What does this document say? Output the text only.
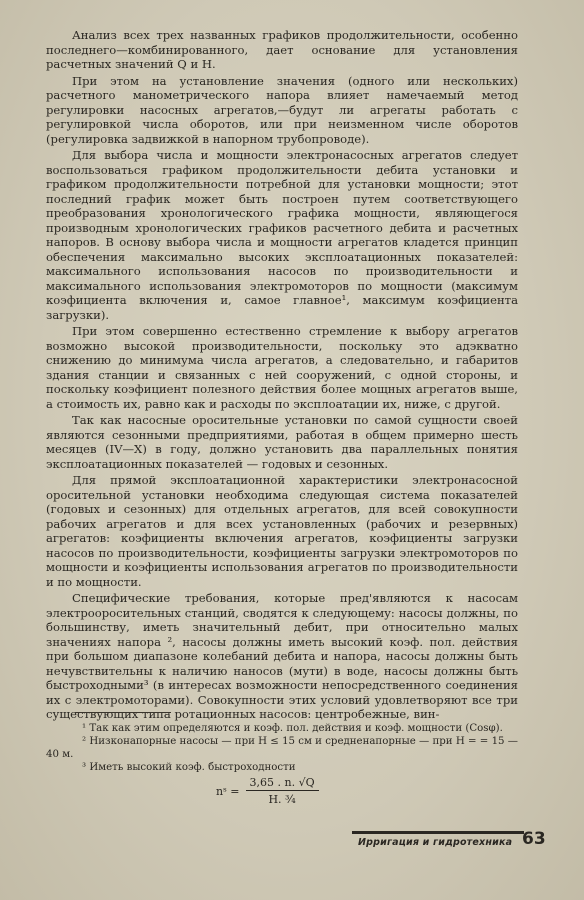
Анализ всех трех названных графиков продолжительности, особенно последнего—комбинированного, дает основание для установления расчетных значений Q и H.

При этом на установление значения (одного или нескольких) расчетного манометрического напора влияет намечаемый метод регулировки насосных агрегатов,—будут ли агрегаты работать с регулировкой числа оборотов, или при неизменном числе оборотов (регулировка задвижкой в напорном трубопроводе).

Для выбора числа и мощности электронасосных агрегатов следует воспользоваться графиком продолжительности дебита установки и графиком продолжительности потребной для установки мощности; этот последний график может быть построен путем соответствующего преобразования хронологического графика мощности, являющегося производным хронологических графиков расчетного дебита и расчетных напоров. В основу выбора числа и мощности агрегатов кладется принцип обеспечения максимально высоких эксплоатационных показателей: максимального использования насосов по производительности и максимального использования электромоторов по мощности (максимум коэфициента включения и, самое главное¹, максимум коэфициента загрузки).

При этом совершенно естественно стремление к выбору агрегатов возможно высокой производительности, поскольку это адэкватно снижению до минимума числа агрегатов, а следовательно, и габаритов здания станции и связанных с ней сооружений, с одной стороны, и поскольку коэфициент полезного действия более мощных агрегатов выше, а стоимость их, равно как и расходы по эксплоатации их, ниже, с другой.

Так как насосные оросительные установки по самой сущности своей являются сезонными предприятиями, работая в общем примерно шесть месяцев (IV—X) в году, должно установить два параллельных понятия эксплоатационных показателей — годовых и сезонных.

Для прямой эксплоатационной характеристики электронасосной оросительной установки необходима следующая система показателей (годовых и сезонных) для отдельных агрегатов, для всей совокупности рабочих агрегатов и для всех установленных (рабочих и резервных) агрегатов: коэфициенты включения агрегатов, коэфициенты загрузки насосов по производительности, коэфициенты загрузки электромоторов по мощности и коэфициенты использования агрегатов по производительности и по мощности.

Специфические требования, которые пред'являются к насосам электрооросительных станций, сводятся к следующему: насосы должны, по большинству, иметь значительный дебит, при относительно малых значениях напора ², насосы должны иметь высокий коэф. пол. действия при большом диапазоне колебаний дебита и напора, насосы должны быть нечувствительны к наличию наносов (мути) в воде, насосы должны быть быстроходными³ (в интересах возможности непосредственного соединения их с электромоторами). Совокупности этих условий удовлетворяют все три существующих типа ротационных насосов: центробежные, вин-

¹ Так как этим определяются и коэф. пол. действия и коэф. мощности (Cosφ).

² Низконапорные насосы — при H ≤ 15 см и средненапорные — при H = = 15 — 40 м.

³ Иметь высокий коэф. быстроходности

nˢ = $\frac{3,65 . n. √Q}{\text{H. ³⁄₄}}$
Ирригация и гидротехника 63
